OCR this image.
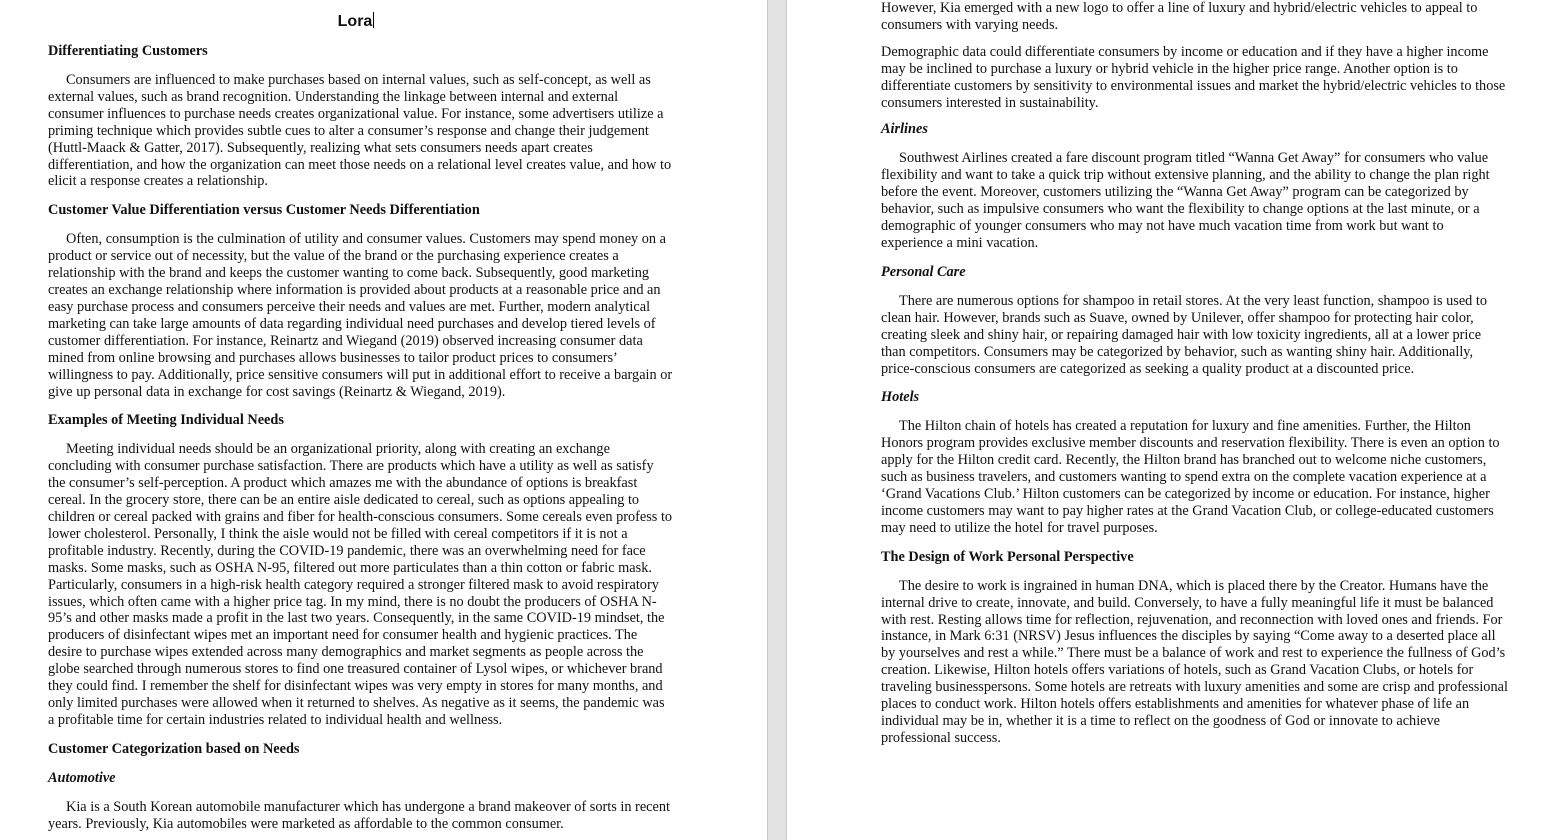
Lora
Differentiating Customers

Consumers are influenced to make purchases based on internal values, such as self-concept, as well as external values, such as brand recognition. Understanding the linkage between internal and external consumer influences to purchase needs creates organizational value. For instance, some advertisers utilize a priming technique which provides subtle cues to alter a consumer’s response and change their judgement (Huttl-Maack & Gatter, 2017). Subsequently, realizing what sets consumers needs apart creates differentiation, and how the organization can meet those needs on a relational level creates value, and how to elicit a response creates a relationship.

Customer Value Differentiation versus Customer Needs Differentiation

Often, consumption is the culmination of utility and consumer values. Customers may spend money on a product or service out of necessity, but the value of the brand or the purchasing experience creates a relationship with the brand and keeps the customer wanting to come back. Subsequently, good marketing creates an exchange relationship where information is provided about products at a reasonable price and an easy purchase process and consumers perceive their needs and values are met. Further, modern analytical marketing can take large amounts of data regarding individual need purchases and develop tiered levels of customer differentiation. For instance, Reinartz and Wiegand (2019) observed increasing consumer data mined from online browsing and purchases allows businesses to tailor product prices to consumers’ willingness to pay. Additionally, price sensitive consumers will put in additional effort to receive a bargain or give up personal data in exchange for cost savings (Reinartz & Wiegand, 2019).

Examples of Meeting Individual Needs

Meeting individual needs should be an organizational priority, along with creating an exchange concluding with consumer purchase satisfaction. There are products which have a utility as well as satisfy the consumer’s self-perception. A product which amazes me with the abundance of options is breakfast cereal. In the grocery store, there can be an entire aisle dedicated to cereal, such as options appealing to children or cereal packed with grains and fiber for health-conscious consumers. Some cereals even profess to lower cholesterol. Personally, I think the aisle would not be filled with cereal competitors if it is not a profitable industry. Recently, during the COVID-19 pandemic, there was an overwhelming need for face masks. Some masks, such as OSHA N-95, filtered out more particulates than a thin cotton or fabric mask. Particularly, consumers in a high-risk health category required a stronger filtered mask to avoid respiratory issues, which often came with a higher price tag. In my mind, there is no doubt the producers of OSHA N-95’s and other masks made a profit in the last two years. Consequently, in the same COVID-19 mindset, the producers of disinfectant wipes met an important need for consumer health and hygienic practices. The desire to purchase wipes extended across many demographics and market segments as people across the globe searched through numerous stores to find one treasured container of Lysol wipes, or whichever brand they could find. I remember the shelf for disinfectant wipes was very empty in stores for many months, and only limited purchases were allowed when it returned to shelves. As negative as it seems, the pandemic was a profitable time for certain industries related to individual health and wellness.

Customer Categorization based on Needs
Automotive

Kia is a South Korean automobile manufacturer which has undergone a brand makeover of sorts in recent years. Previously, Kia automobiles were marketed as affordable to the common consumer.

However, Kia emerged with a new logo to offer a line of luxury and hybrid/electric vehicles to appeal to consumers with varying needs.

Demographic data could differentiate consumers by income or education and if they have a higher income may be inclined to purchase a luxury or hybrid vehicle in the higher price range. Another option is to differentiate customers by sensitivity to environmental issues and market the hybrid/electric vehicles to those consumers interested in sustainability.

Airlines

Southwest Airlines created a fare discount program titled “Wanna Get Away” for consumers who value flexibility and want to take a quick trip without extensive planning, and the ability to change the plan right before the event. Moreover, customers utilizing the “Wanna Get Away” program can be categorized by behavior, such as impulsive consumers who want the flexibility to change options at the last minute, or a demographic of younger consumers who may not have much vacation time from work but want to experience a mini vacation.

Personal Care

There are numerous options for shampoo in retail stores. At the very least function, shampoo is used to clean hair. However, brands such as Suave, owned by Unilever, offer shampoo for protecting hair color, creating sleek and shiny hair, or repairing damaged hair with low toxicity ingredients, all at a lower price than competitors. Consumers may be categorized by behavior, such as wanting shiny hair. Additionally, price-conscious consumers are categorized as seeking a quality product at a discounted price.

Hotels

The Hilton chain of hotels has created a reputation for luxury and fine amenities. Further, the Hilton Honors program provides exclusive member discounts and reservation flexibility. There is even an option to apply for the Hilton credit card. Recently, the Hilton brand has branched out to welcome niche customers, such as business travelers, and customers wanting to spend extra on the complete vacation experience at a ‘Grand Vacations Club.’ Hilton customers can be categorized by income or education. For instance, higher income customers may want to pay higher rates at the Grand Vacation Club, or college-educated customers may need to utilize the hotel for travel purposes.

The Design of Work Personal Perspective

The desire to work is ingrained in human DNA, which is placed there by the Creator. Humans have the internal drive to create, innovate, and build. Conversely, to have a fully meaningful life it must be balanced with rest. Resting allows time for reflection, rejuvenation, and reconnection with loved ones and friends. For instance, in Mark 6:31 (NRSV) Jesus influences the disciples by saying “Come away to a deserted place all by yourselves and rest a while.” There must be a balance of work and rest to experience the fullness of God’s creation. Likewise, Hilton hotels offers variations of hotels, such as Grand Vacation Clubs, or hotels for traveling businesspersons. Some hotels are retreats with luxury amenities and some are crisp and professional places to conduct work. Hilton hotels offers establishments and amenities for whatever phase of life an individual may be in, whether it is a time to reflect on the goodness of God or innovate to achieve professional success.
